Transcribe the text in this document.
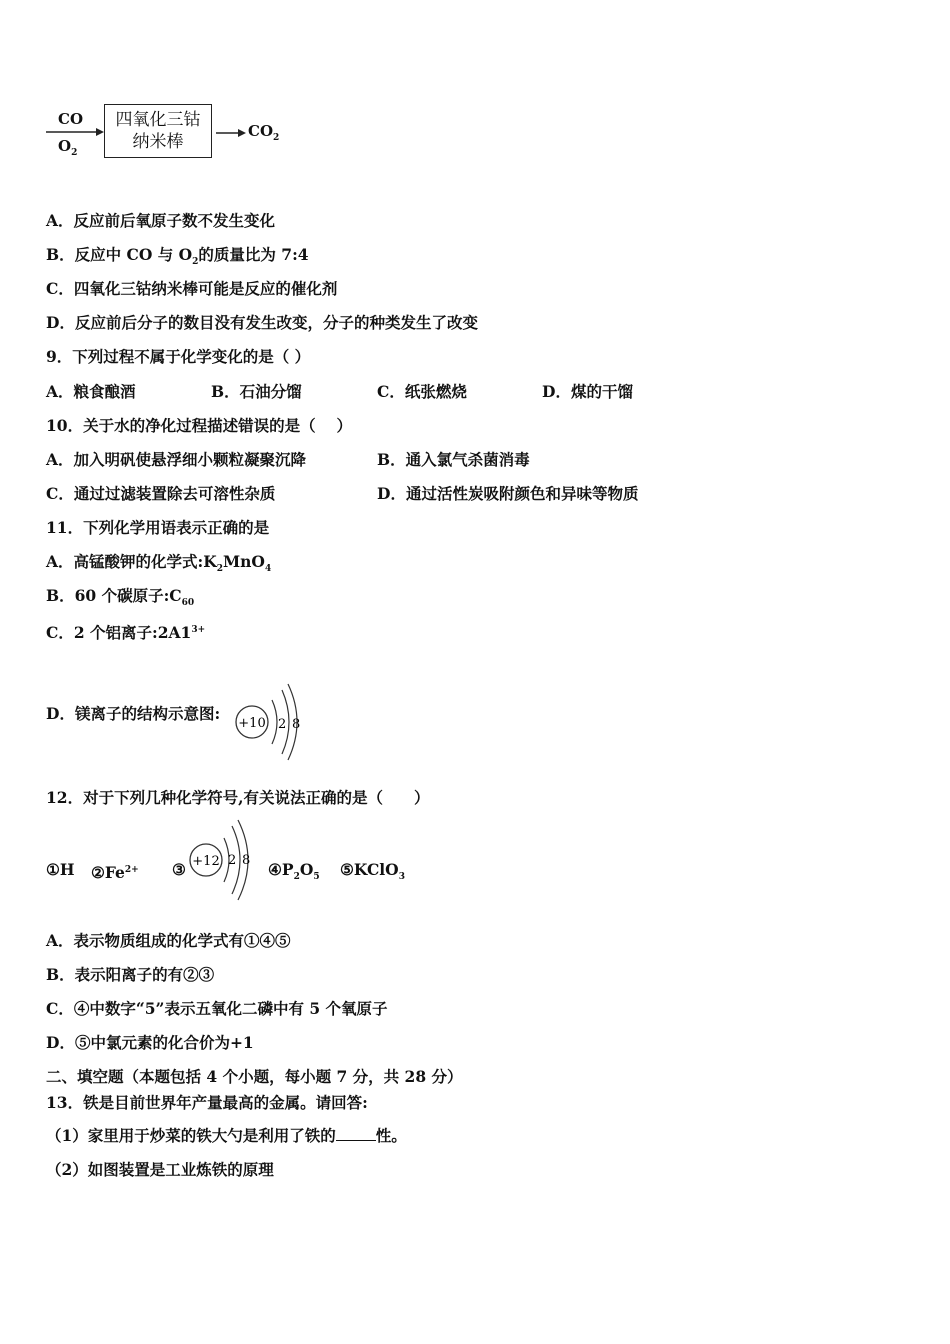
CO
$O_2$
四氧化三钴
纳米棒
$CO_2$
A．反应前后氧原子数不发生变化
B．反应中 CO 与 $O_2$的质量比为 7:4
C．四氧化三钴纳米棒可能是反应的催化剂
D．反应前后分子的数目没有发生改变，分子的种类发生了改变
9．下列过程不属于化学变化的是（ ）
A．粮食酿酒	B．石油分馏	C．纸张燃烧	D．煤的干馏
10．关于水的净化过程描述错误的是（　 ）
A．加入明矾使悬浮细小颗粒凝聚沉降	B．通入氯气杀菌消毒
C．通过过滤装置除去可溶性杂质	D．通过活性炭吸附颜色和异味等物质
11．下列化学用语表示正确的是
A．高锰酸钾的化学式$:K_2MnO_4$
B．60 个碳原子$:C_{60}$
C．2 个铝离子$:2A1^{3+}$
D．镁离子的结构示意图:
+10 2 8
12．对于下列几种化学符号,有关说法正确的是（　　）
①H $②Fe^{2+}$ ③ +12 2 8 $④P_2O_5$ ⑤KClO$_3$
A．表示物质组成的化学式有①④⑤
B．表示阳离子的有②③
C．④中数字“5”表示五氧化二磷中有 5 个氧原子
D．⑤中氯元素的化合价为+1
二、填空题（本题包括 4 个小题，每小题 7 分，共 28 分）
13．铁是目前世界年产量最高的金属。请回答:
（1）家里用于炒菜的铁大勺是利用了铁的	性。
（2）如图装置是工业炼铁的原理
